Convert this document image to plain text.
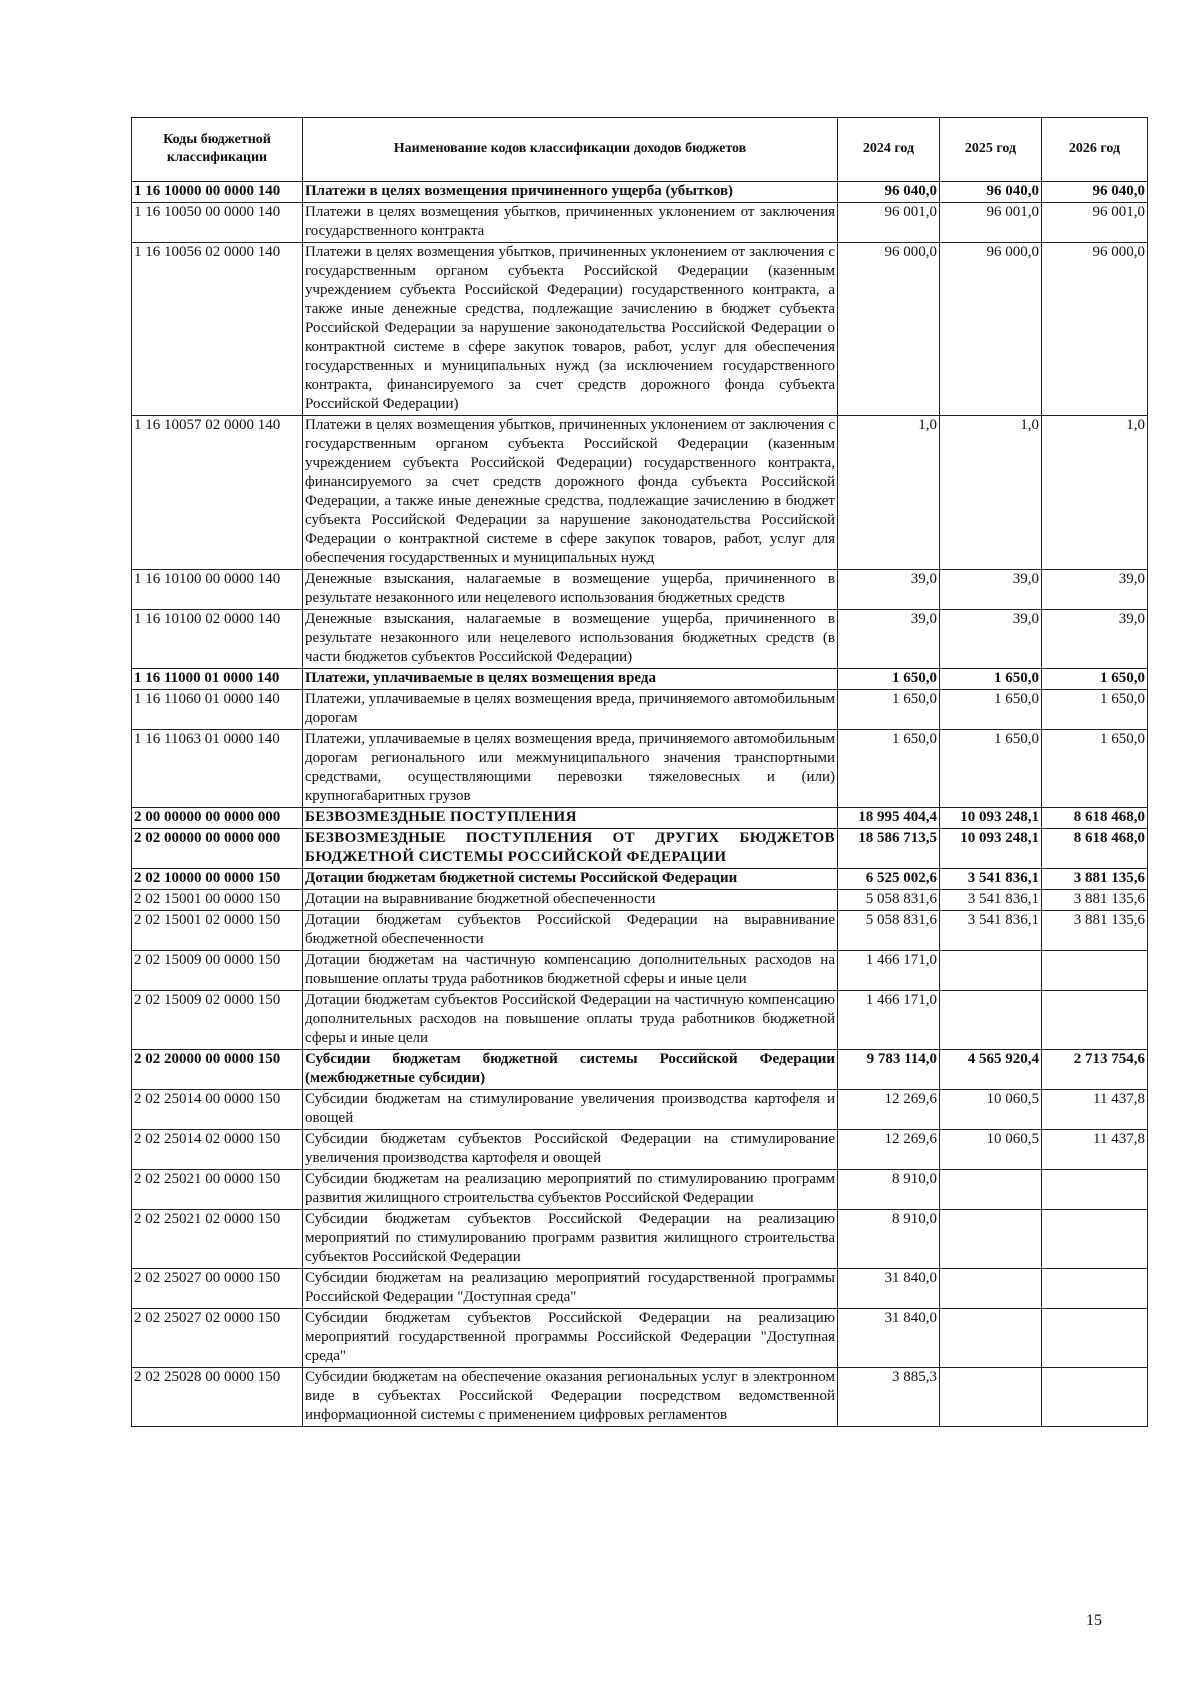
Коды бюджетной классификации	Наименование кодов классификации доходов бюджетов	2024 год	2025 год	2026 год
1 16 10000 00 0000 140	Платежи в целях возмещения причиненного ущерба (убытков)	96 040,0	96 040,0	96 040,0
1 16 10050 00 0000 140	Платежи в целях возмещения убытков, причиненных уклонением от заключения государственного контракта	96 001,0	96 001,0	96 001,0
1 16 10056 02 0000 140	Платежи в целях возмещения убытков, причиненных уклонением от заключения с государственным органом субъекта Российской Федерации (казенным учреждением субъекта Российской Федерации) государственного контракта, а также иные денежные средства, подлежащие зачислению в бюджет субъекта Российской Федерации за нарушение законодательства Российской Федерации о контрактной системе в сфере закупок товаров, работ, услуг для обеспечения государственных и муниципальных нужд (за исключением государственного контракта, финансируемого за счет средств дорожного фонда субъекта Российской Федерации)	96 000,0	96 000,0	96 000,0
1 16 10057 02 0000 140	Платежи в целях возмещения убытков, причиненных уклонением от заключения с государственным органом субъекта Российской Федерации (казенным учреждением субъекта Российской Федерации) государственного контракта, финансируемого за счет средств дорожного фонда субъекта Российской Федерации, а также иные денежные средства, подлежащие зачислению в бюджет субъекта Российской Федерации за нарушение законодательства Российской Федерации о контрактной системе в сфере закупок товаров, работ, услуг для обеспечения государственных и муниципальных нужд	1,0	1,0	1,0
1 16 10100 00 0000 140	Денежные взыскания, налагаемые в возмещение ущерба, причиненного в результате незаконного или нецелевого использования бюджетных средств	39,0	39,0	39,0
1 16 10100 02 0000 140	Денежные взыскания, налагаемые в возмещение ущерба, причиненного в результате незаконного или нецелевого использования бюджетных средств (в части бюджетов субъектов Российской Федерации)	39,0	39,0	39,0
1 16 11000 01 0000 140	Платежи, уплачиваемые в целях возмещения вреда	1 650,0	1 650,0	1 650,0
1 16 11060 01 0000 140	Платежи, уплачиваемые в целях возмещения вреда, причиняемого автомобильным дорогам	1 650,0	1 650,0	1 650,0
1 16 11063 01 0000 140	Платежи, уплачиваемые в целях возмещения вреда, причиняемого автомобильным дорогам регионального или межмуниципального значения транспортными средствами, осуществляющими перевозки тяжеловесных и (или) крупногабаритных грузов	1 650,0	1 650,0	1 650,0
2 00 00000 00 0000 000	БЕЗВОЗМЕЗДНЫЕ ПОСТУПЛЕНИЯ	18 995 404,4	10 093 248,1	8 618 468,0
2 02 00000 00 0000 000	БЕЗВОЗМЕЗДНЫЕ ПОСТУПЛЕНИЯ ОТ ДРУГИХ БЮДЖЕТОВ БЮДЖЕТНОЙ СИСТЕМЫ РОССИЙСКОЙ ФЕДЕРАЦИИ	18 586 713,5	10 093 248,1	8 618 468,0
2 02 10000 00 0000 150	Дотации бюджетам бюджетной системы Российской Федерации	6 525 002,6	3 541 836,1	3 881 135,6
2 02 15001 00 0000 150	Дотации на выравнивание бюджетной обеспеченности	5 058 831,6	3 541 836,1	3 881 135,6
2 02 15001 02 0000 150	Дотации бюджетам субъектов Российской Федерации на выравнивание бюджетной обеспеченности	5 058 831,6	3 541 836,1	3 881 135,6
2 02 15009 00 0000 150	Дотации бюджетам на частичную компенсацию дополнительных расходов на повышение оплаты труда работников бюджетной сферы и иные цели	1 466 171,0		
2 02 15009 02 0000 150	Дотации бюджетам субъектов Российской Федерации на частичную компенсацию дополнительных расходов на повышение оплаты труда работников бюджетной сферы и иные цели	1 466 171,0		
2 02 20000 00 0000 150	Субсидии бюджетам бюджетной системы Российской Федерации (межбюджетные субсидии)	9 783 114,0	4 565 920,4	2 713 754,6
2 02 25014 00 0000 150	Субсидии бюджетам на стимулирование увеличения производства картофеля и овощей	12 269,6	10 060,5	11 437,8
2 02 25014 02 0000 150	Субсидии бюджетам субъектов Российской Федерации на стимулирование увеличения производства картофеля и овощей	12 269,6	10 060,5	11 437,8
2 02 25021 00 0000 150	Субсидии бюджетам на реализацию мероприятий по стимулированию программ развития жилищного строительства субъектов Российской Федерации	8 910,0		
2 02 25021 02 0000 150	Субсидии бюджетам субъектов Российской Федерации на реализацию мероприятий по стимулированию программ развития жилищного строительства субъектов Российской Федерации	8 910,0		
2 02 25027 00 0000 150	Субсидии бюджетам на реализацию мероприятий государственной программы Российской Федерации "Доступная среда"	31 840,0		
2 02 25027 02 0000 150	Субсидии бюджетам субъектов Российской Федерации на реализацию мероприятий государственной программы Российской Федерации "Доступная среда"	31 840,0		
2 02 25028 00 0000 150	Субсидии бюджетам на обеспечение оказания региональных услуг в электронном виде в субъектах Российской Федерации посредством ведомственной информационной системы с применением цифровых регламентов	3 885,3		
15
